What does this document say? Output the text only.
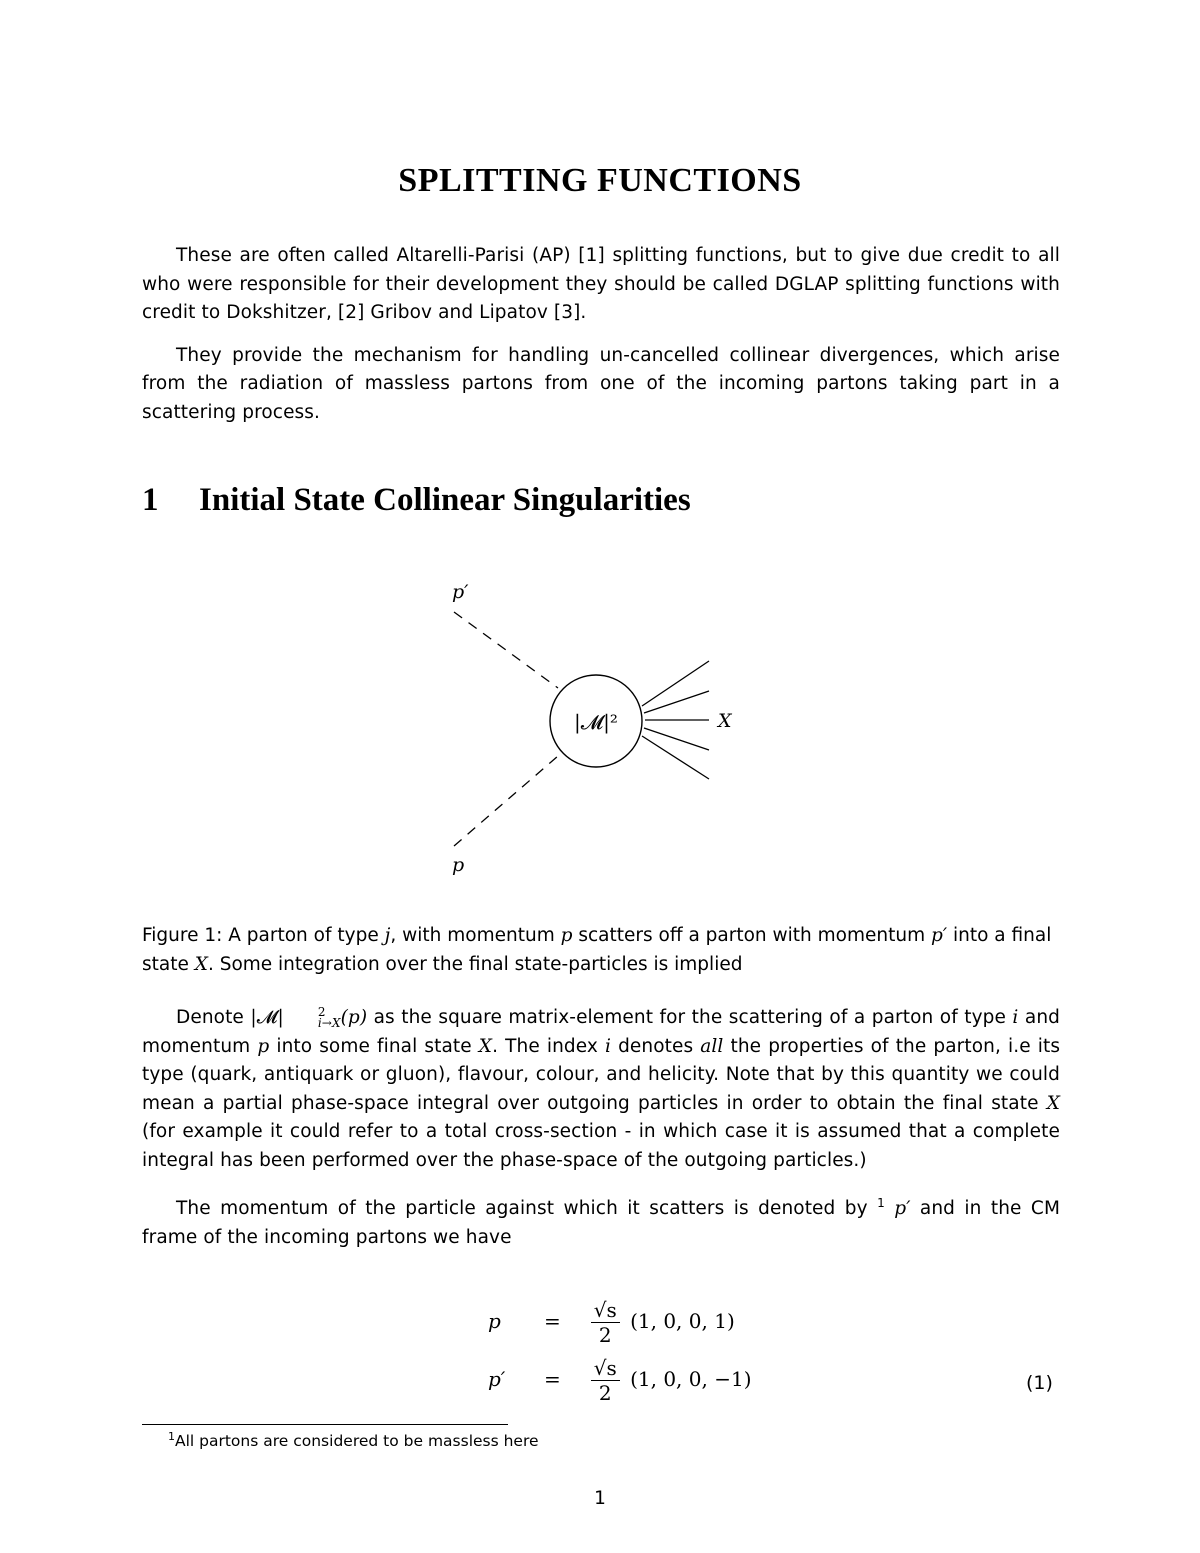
SPLITTING FUNCTIONS

These are often called Altarelli-Parisi (AP) [1] splitting functions, but to give due credit to all who were responsible for their development they should be called DGLAP splitting functions with credit to Dokshitzer, [2] Gribov and Lipatov [3].

They provide the mechanism for handling un-cancelled collinear divergences, which arise from the radiation of massless partons from one of the incoming partons taking part in a scattering process.

1 Initial State Collinear Singularities
p′
|𝓜|²	X
p
Figure 1: A parton of type j, with momentum p scatters off a parton with momentum p′ into a final state X. Some integration over the final state-particles is implied

Denote |𝓜|	2
i→X (p) as the square matrix-element for the scattering of a parton of type i and momentum p into some final state X. The index i denotes all the properties of the parton, i.e its type (quark, antiquark or gluon), flavour, colour, and helicity. Note that by this quantity we could mean a partial phase-space integral over outgoing particles in order to obtain the final state X (for example it could refer to a total cross-section - in which case it is assumed that a complete integral has been performed over the phase-space of the outgoing particles.)

The momentum of the particle against which it scatters is denoted by $^1$ p′ and in the CM frame of the incoming partons we have

$p = \frac{√s}{2} (1$, 0, 0, 1)
$p' = \frac{√s}{2} (1$, 0, 0, −1)	(1)
$^1$All partons are considered to be massless here
1
